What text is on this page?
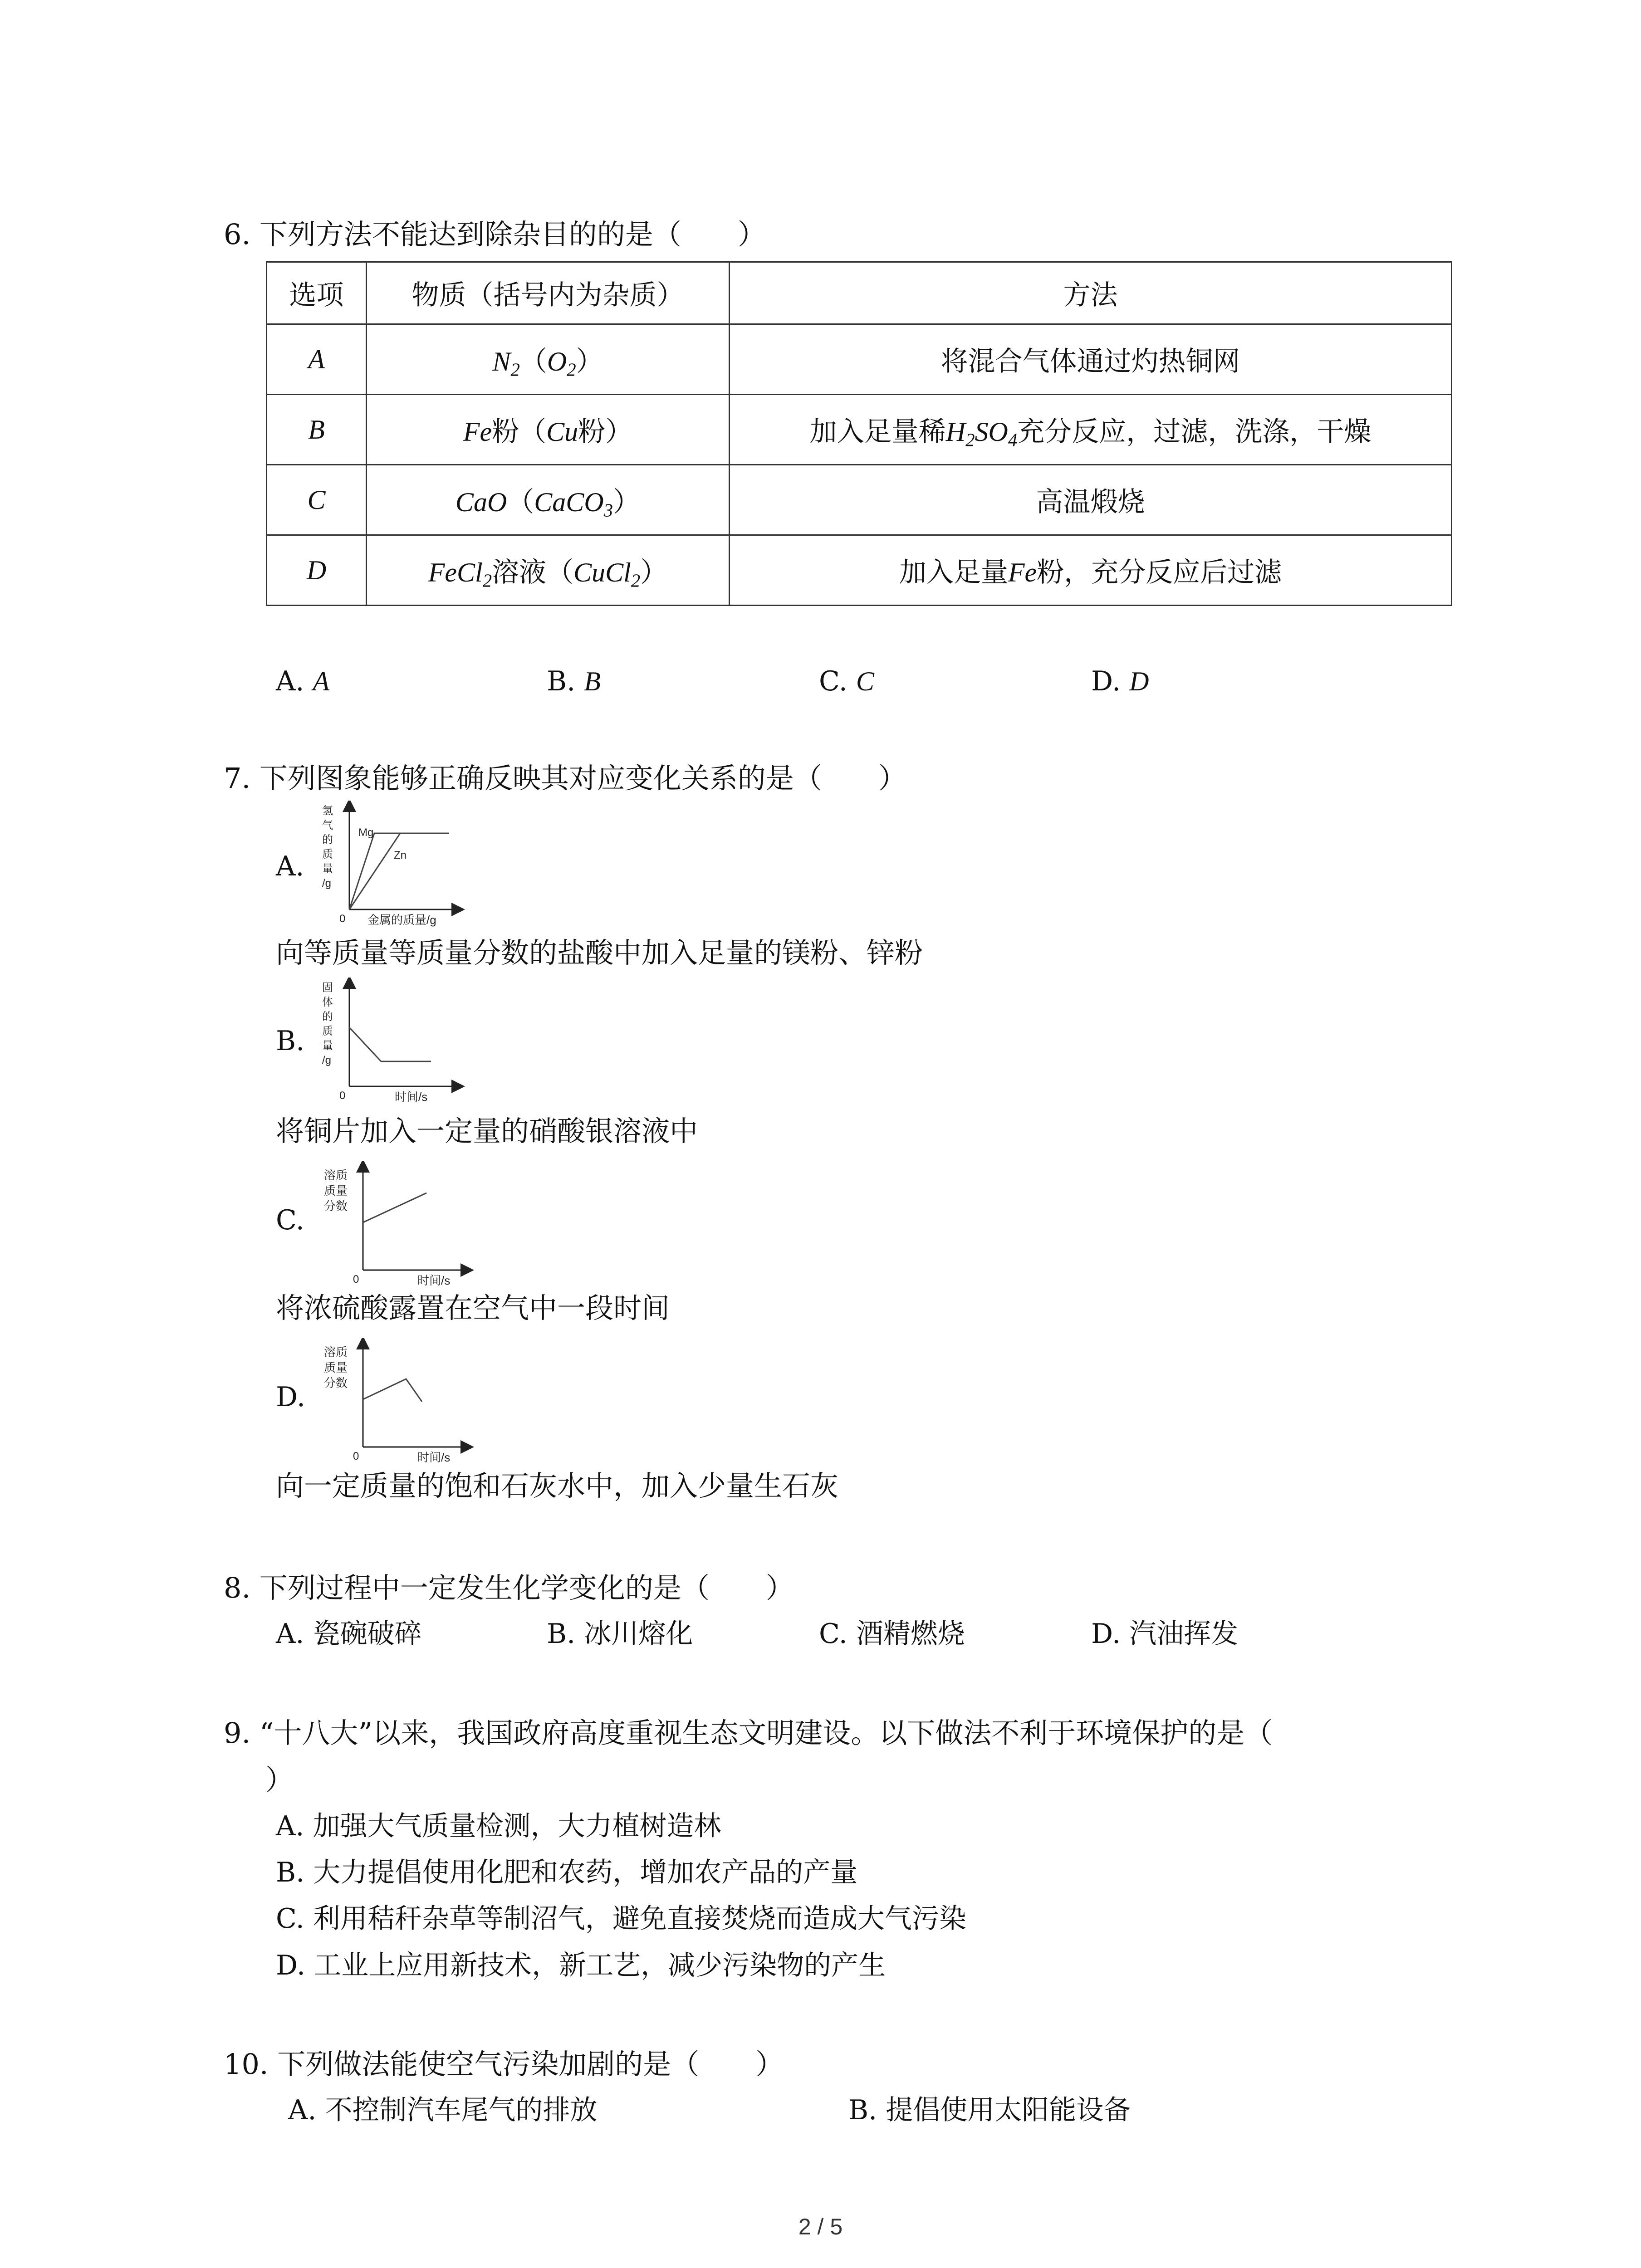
6. 下列方法不能达到除杂目的的是（　　）
选项	物质（括号内为杂质）	方法
A	$N_2(O_2)$	将混合气体通过灼热铜网
B	Fe粉（Cu粉）	加入足量稀$H_2SO_4$充分反应，过滤，洗涤，干燥
C	CaO（CaCO$_3$）	高温煅烧
D	FeCl$_2$溶液（CuCl$_2$）	加入足量Fe粉，充分反应后过滤
A. A	B. B	C. C	D. D
7. 下列图象能够正确反映其对应变化关系的是（　　）
A.
Mg
Zn
0 金属的质量/g
氢
气
的
质
量
/g
向等质量等质量分数的盐酸中加入足量的镁粉、锌粉
B.
0	时间/s
固
体
的
质
量
/g
将铜片加入一定量的硝酸银溶液中
C.
0	时间/s
溶质
质量
分数
将浓硫酸露置在空气中一段时间
D.
0	时间/s
溶质
质量
分数
向一定质量的饱和石灰水中，加入少量生石灰
8. 下列过程中一定发生化学变化的是（　　）
A. 瓷碗破碎	B. 冰川熔化	C. 酒精燃烧	D. 汽油挥发
9. “十八大”以来，我国政府高度重视生态文明建设。以下做法不利于环境保护的是（
）
A. 加强大气质量检测，大力植树造林
B. 大力提倡使用化肥和农药，增加农产品的产量
C. 利用秸秆杂草等制沼气，避免直接焚烧而造成大气污染
D. 工业上应用新技术，新工艺，减少污染物的产生
10. 下列做法能使空气污染加剧的是（　　）
A. 不控制汽车尾气的排放	B. 提倡使用太阳能设备
2 / 5
